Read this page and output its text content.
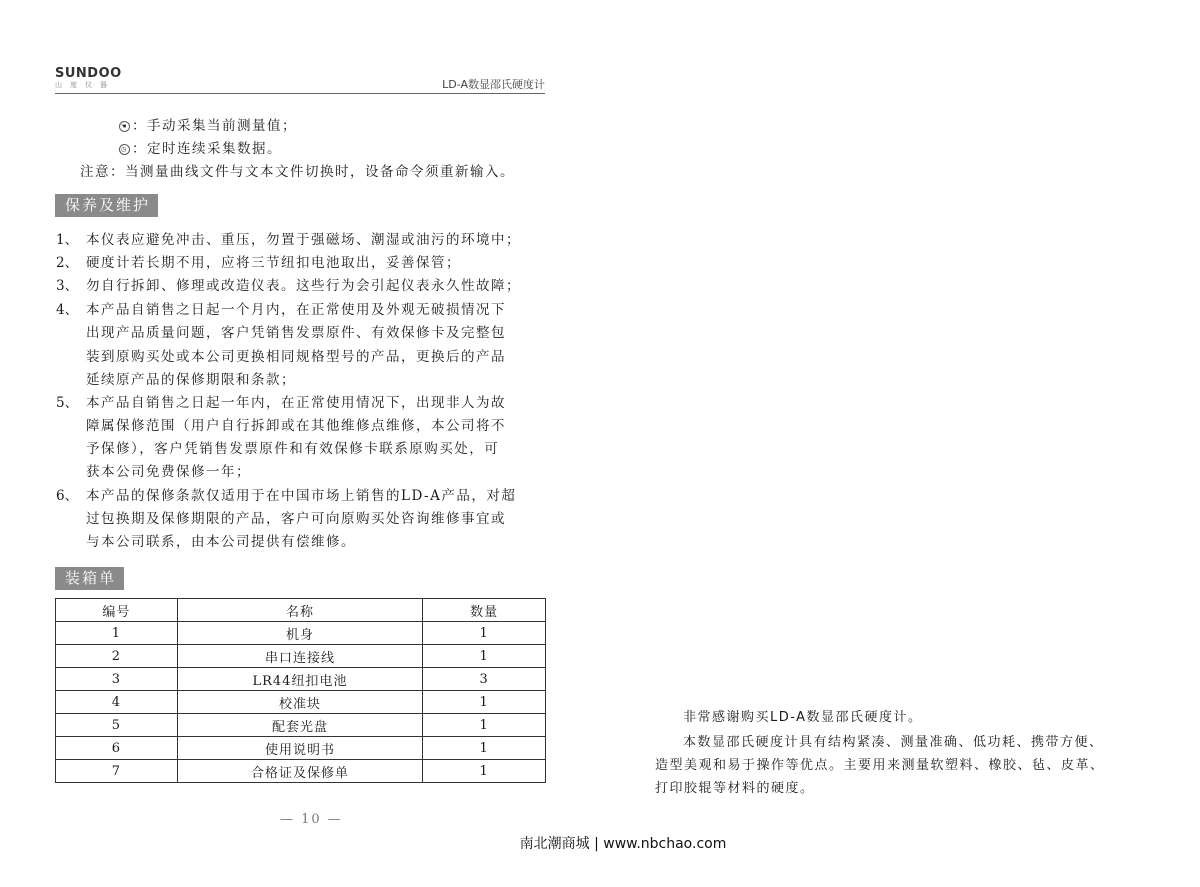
SUNDOO
山度仪器	LD-A数显邵氏硬度计
☚ ：手动采集当前测量值；
◷ ：定时连续采集数据。
注意：当测量曲线文件与文本文件切换时，设备命令须重新输入。
保养及维护
1、 本仪表应避免冲击、重压，勿置于强磁场、潮湿或油污的环境中；
2、 硬度计若长期不用，应将三节纽扣电池取出，妥善保管；
3、 勿自行拆卸、修理或改造仪表。这些行为会引起仪表永久性故障；
4、 本产品自销售之日起一个月内，在正常使用及外观无破损情况下
出现产品质量问题，客户凭销售发票原件、有效保修卡及完整包
装到原购买处或本公司更换相同规格型号的产品，更换后的产品
延续原产品的保修期限和条款；
5、 本产品自销售之日起一年内，在正常使用情况下，出现非人为故
障属保修范围（用户自行拆卸或在其他维修点维修，本公司将不
予保修），客户凭销售发票原件和有效保修卡联系原购买处，可
获本公司免费保修一年；
6、 本产品的保修条款仅适用于在中国市场上销售的LD-A产品，对超
过包换期及保修期限的产品，客户可向原购买处咨询维修事宜或
与本公司联系，由本公司提供有偿维修。
装箱单
编号	名称	数量
1	机身	1
2	串口连接线	1
3	LR44纽扣电池	3
4	校准块	1
5	配套光盘	1
6	使用说明书	1
7	合格证及保修单	1
— 10 —
非常感谢购买LD-A数显邵氏硬度计。
本数显邵氏硬度计具有结构紧凑、测量准确、低功耗、携带方便、
造型美观和易于操作等优点。主要用来测量软塑料、橡胶、毡、皮革、
打印胶辊等材料的硬度。
南北潮商城 | www.nbchao.com
